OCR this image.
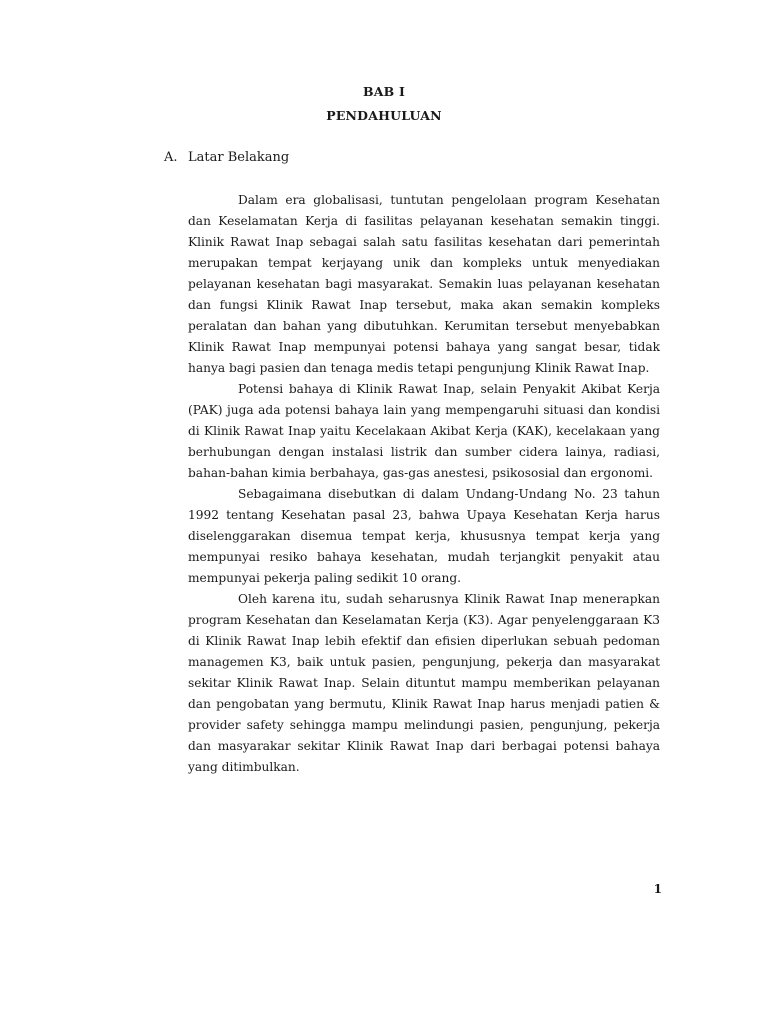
BAB I
PENDAHULUAN
A. Latar Belakang

Dalam era globalisasi, tuntutan pengelolaan program Kesehatan dan Keselamatan Kerja di fasilitas pelayanan kesehatan semakin tinggi. Klinik Rawat Inap sebagai salah satu fasilitas kesehatan dari pemerintah merupakan tempat kerjayang unik dan kompleks untuk menyediakan pelayanan kesehatan bagi masyarakat. Semakin luas pelayanan kesehatan dan fungsi Klinik Rawat Inap tersebut, maka akan semakin kompleks peralatan dan bahan yang dibutuhkan. Kerumitan tersebut menyebabkan Klinik Rawat Inap mempunyai potensi bahaya yang sangat besar, tidak hanya bagi pasien dan tenaga medis tetapi pengunjung Klinik Rawat Inap.

Potensi bahaya di Klinik Rawat Inap, selain Penyakit Akibat Kerja (PAK) juga ada potensi bahaya lain yang mempengaruhi situasi dan kondisi di Klinik Rawat Inap yaitu Kecelakaan Akibat Kerja (KAK), kecelakaan yang berhubungan dengan instalasi listrik dan sumber cidera lainya, radiasi, bahan-bahan kimia berbahaya, gas-gas anestesi, psikososial dan ergonomi.

Sebagaimana disebutkan di dalam Undang-Undang No. 23 tahun 1992 tentang Kesehatan pasal 23, bahwa Upaya Kesehatan Kerja harus diselenggarakan disemua tempat kerja, khususnya tempat kerja yang mempunyai resiko bahaya kesehatan, mudah terjangkit penyakit atau mempunyai pekerja paling sedikit 10 orang.

Oleh karena itu, sudah seharusnya Klinik Rawat Inap menerapkan program Kesehatan dan Keselamatan Kerja (K3). Agar penyelenggaraan K3 di Klinik Rawat Inap lebih efektif dan efisien diperlukan sebuah pedoman managemen K3, baik untuk pasien, pengunjung, pekerja dan masyarakat sekitar Klinik Rawat Inap. Selain dituntut mampu memberikan pelayanan dan pengobatan yang bermutu, Klinik Rawat Inap harus menjadi patien & provider safety sehingga mampu melindungi pasien, pengunjung, pekerja dan masyarakar sekitar Klinik Rawat Inap dari berbagai potensi bahaya yang ditimbulkan.

1
